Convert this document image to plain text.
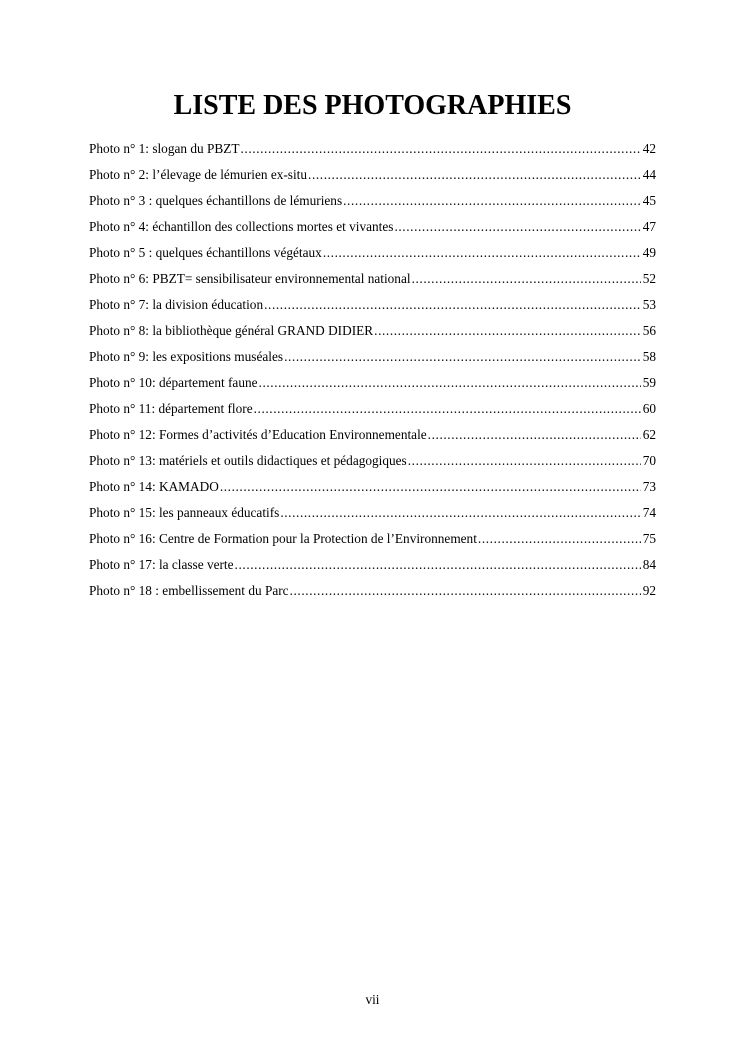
LISTE DES PHOTOGRAPHIES
Photo n° 1: slogan du PBZT .....	42
Photo n° 2: l’élevage de lémurien ex-situ .....	44
Photo n° 3 : quelques échantillons de lémuriens .....	45
Photo n° 4: échantillon des collections mortes et vivantes .....	47
Photo n° 5 : quelques échantillons végétaux .....	49
Photo n° 6: PBZT= sensibilisateur environnemental national .....	52
Photo n° 7: la division éducation .....	53
Photo n° 8: la bibliothèque général GRAND DIDIER .....	56
Photo n° 9: les expositions muséales .....	58
Photo n° 10: département faune .....	59
Photo n° 11: département flore .....	60
Photo n° 12: Formes d’activités d’Education Environnementale .....	62
Photo n° 13: matériels et outils didactiques et pédagogiques .....	70
Photo n° 14: KAMADO .....	73
Photo n° 15: les panneaux éducatifs .....	74
Photo n° 16: Centre de Formation pour la Protection de l’Environnement .....	75
Photo n° 17: la classe verte .....	84
Photo n° 18 : embellissement du Parc .....	92
vii
